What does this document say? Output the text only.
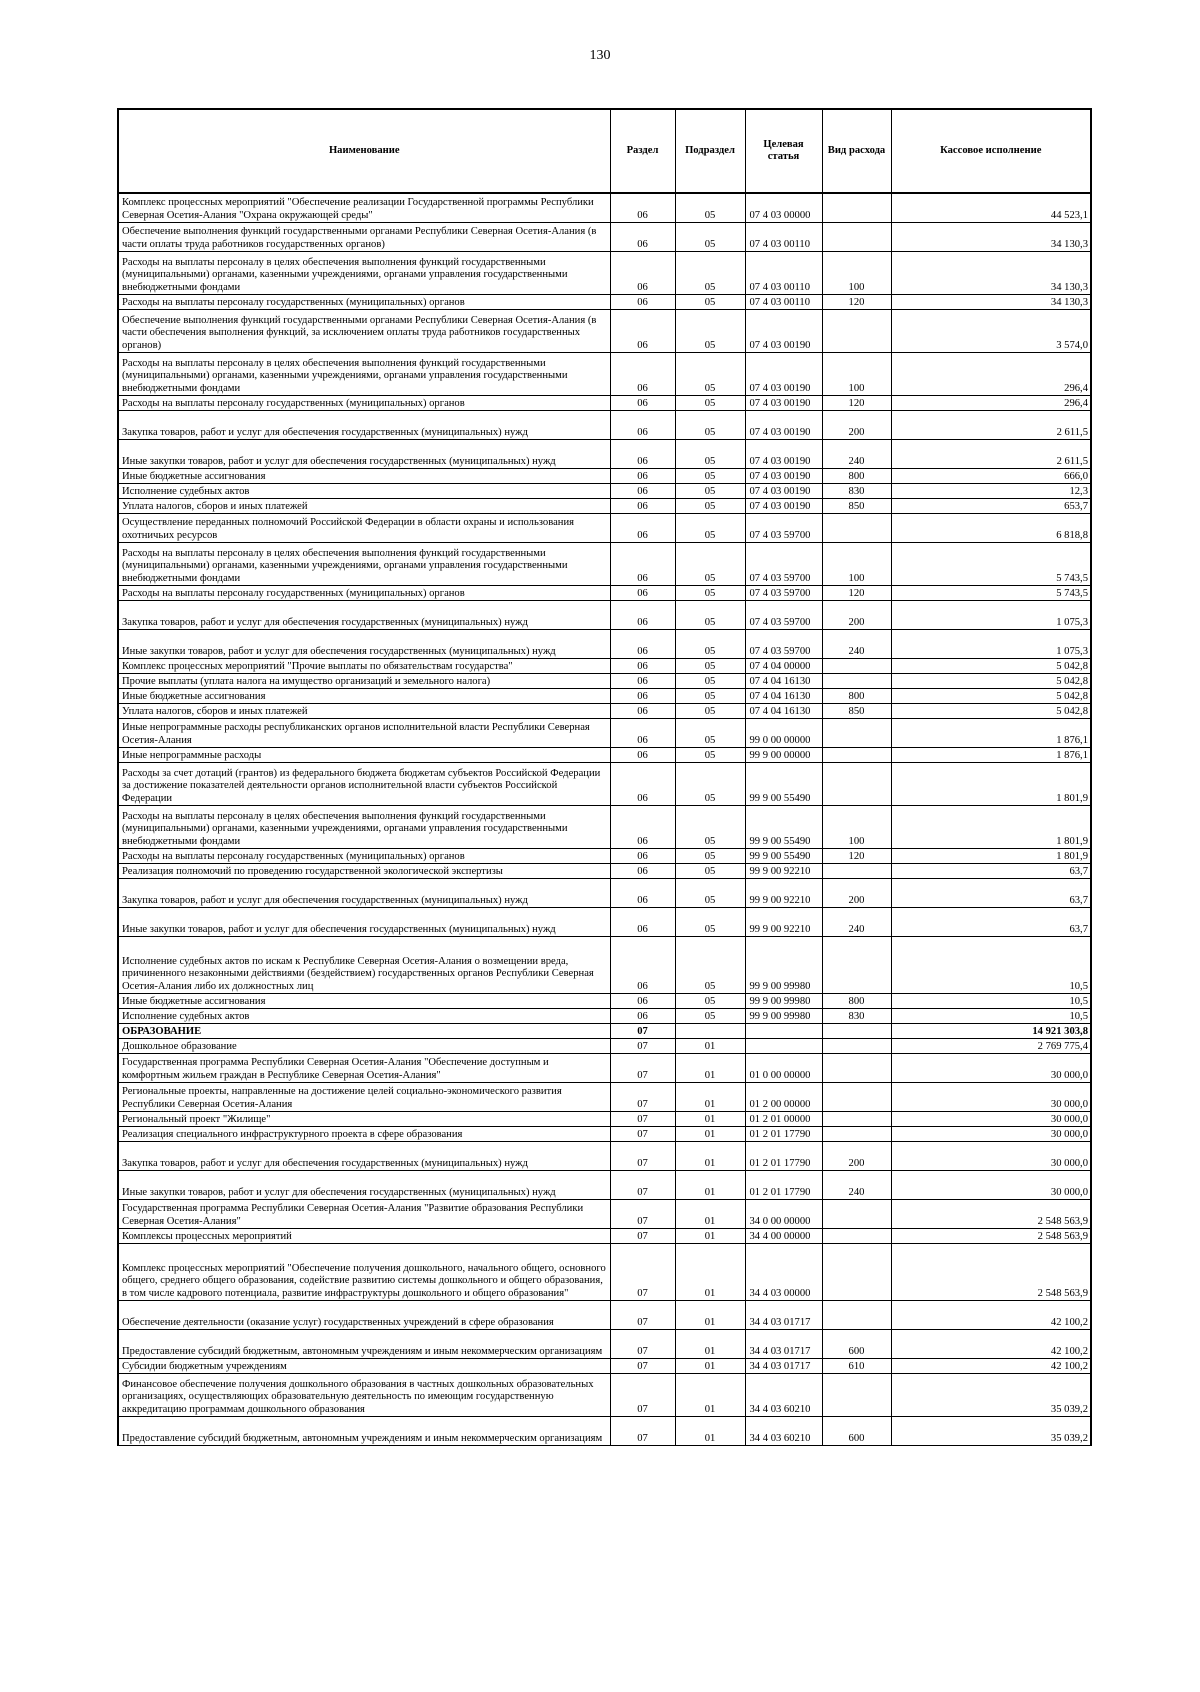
130
Наименование	Раздел	Подраздел	Целевая статья	Вид расхода	Кассовое исполнение
Комплекс процессных мероприятий "Обеспечение реализации Государственной программы Республики Северная Осетия-Алания "Охрана окружающей среды"	06	05	07 4 03 00000		44 523,1
Обеспечение выполнения функций государственными органами Республики Северная Осетия-Алания (в части оплаты труда работников государственных органов)	06	05	07 4 03 00110		34 130,3
Расходы на выплаты персоналу в целях обеспечения выполнения функций государственными (муниципальными) органами, казенными учреждениями, органами управления государственными внебюджетными фондами	06	05	07 4 03 00110	100	34 130,3
Расходы на выплаты персоналу государственных (муниципальных) органов	06	05	07 4 03 00110	120	34 130,3
Обеспечение выполнения функций государственными органами Республики Северная Осетия-Алания (в части обеспечения выполнения функций, за исключением оплаты труда работников государственных органов)	06	05	07 4 03 00190		3 574,0
Расходы на выплаты персоналу в целях обеспечения выполнения функций государственными (муниципальными) органами, казенными учреждениями, органами управления государственными внебюджетными фондами	06	05	07 4 03 00190	100	296,4
Расходы на выплаты персоналу государственных (муниципальных) органов	06	05	07 4 03 00190	120	296,4
Закупка товаров, работ и услуг для обеспечения государственных (муниципальных) нужд	06	05	07 4 03 00190	200	2 611,5
Иные закупки товаров, работ и услуг для обеспечения государственных (муниципальных) нужд	06	05	07 4 03 00190	240	2 611,5
Иные бюджетные ассигнования	06	05	07 4 03 00190	800	666,0
Исполнение судебных актов	06	05	07 4 03 00190	830	12,3
Уплата налогов, сборов и иных платежей	06	05	07 4 03 00190	850	653,7
Осуществление переданных полномочий Российской Федерации в области охраны и использования охотничьих ресурсов	06	05	07 4 03 59700		6 818,8
Расходы на выплаты персоналу в целях обеспечения выполнения функций государственными (муниципальными) органами, казенными учреждениями, органами управления государственными внебюджетными фондами	06	05	07 4 03 59700	100	5 743,5
Расходы на выплаты персоналу государственных (муниципальных) органов	06	05	07 4 03 59700	120	5 743,5
Закупка товаров, работ и услуг для обеспечения государственных (муниципальных) нужд	06	05	07 4 03 59700	200	1 075,3
Иные закупки товаров, работ и услуг для обеспечения государственных (муниципальных) нужд	06	05	07 4 03 59700	240	1 075,3
Комплекс процессных мероприятий "Прочие выплаты по обязательствам государства"	06	05	07 4 04 00000		5 042,8
Прочие выплаты (уплата налога на имущество организаций и земельного налога)	06	05	07 4 04 16130		5 042,8
Иные бюджетные ассигнования	06	05	07 4 04 16130	800	5 042,8
Уплата налогов, сборов и иных платежей	06	05	07 4 04 16130	850	5 042,8
Иные непрограммные расходы республиканских органов исполнительной власти Республики Северная Осетия-Алания	06	05	99 0 00 00000		1 876,1
Иные непрограммные расходы	06	05	99 9 00 00000		1 876,1
Расходы за счет дотаций (грантов) из федерального бюджета бюджетам субъектов Российской Федерации за достижение показателей деятельности органов исполнительной власти субъектов Российской Федерации	06	05	99 9 00 55490		1 801,9
Расходы на выплаты персоналу в целях обеспечения выполнения функций государственными (муниципальными) органами, казенными учреждениями, органами управления государственными внебюджетными фондами	06	05	99 9 00 55490	100	1 801,9
Расходы на выплаты персоналу государственных (муниципальных) органов	06	05	99 9 00 55490	120	1 801,9
Реализация полномочий по проведению государственной экологической экспертизы	06	05	99 9 00 92210		63,7
Закупка товаров, работ и услуг для обеспечения государственных (муниципальных) нужд	06	05	99 9 00 92210	200	63,7
Иные закупки товаров, работ и услуг для обеспечения государственных (муниципальных) нужд	06	05	99 9 00 92210	240	63,7
Исполнение судебных актов по искам к Республике Северная Осетия-Алания о возмещении вреда, причиненного незаконными действиями (бездействием) государственных органов Республики Северная Осетия-Алания либо их должностных лиц	06	05	99 9 00 99980		10,5
Иные бюджетные ассигнования	06	05	99 9 00 99980	800	10,5
Исполнение судебных актов	06	05	99 9 00 99980	830	10,5
ОБРАЗОВАНИЕ	07				14 921 303,8
Дошкольное образование	07	01			2 769 775,4
Государственная программа Республики Северная Осетия-Алания "Обеспечение доступным и комфортным жильем граждан в Республике Северная Осетия-Алания"	07	01	01 0 00 00000		30 000,0
Региональные проекты, направленные на достижение целей социально-экономического развития Республики Северная Осетия-Алания	07	01	01 2 00 00000		30 000,0
Региональный проект "Жилище"	07	01	01 2 01 00000		30 000,0
Реализация специального инфраструктурного проекта в сфере образования	07	01	01 2 01 17790		30 000,0
Закупка товаров, работ и услуг для обеспечения государственных (муниципальных) нужд	07	01	01 2 01 17790	200	30 000,0
Иные закупки товаров, работ и услуг для обеспечения государственных (муниципальных) нужд	07	01	01 2 01 17790	240	30 000,0
Государственная программа Республики Северная Осетия-Алания "Развитие образования Республики Северная Осетия-Алания"	07	01	34 0 00 00000		2 548 563,9
Комплексы процессных мероприятий	07	01	34 4 00 00000		2 548 563,9
Комплекс процессных мероприятий "Обеспечение получения дошкольного, начального общего, основного общего, среднего общего образования, содействие развитию системы дошкольного и общего образования, в том числе кадрового потенциала, развитие инфраструктуры дошкольного и общего образования"	07	01	34 4 03 00000		2 548 563,9
Обеспечение деятельности (оказание услуг) государственных учреждений в сфере образования	07	01	34 4 03 01717		42 100,2
Предоставление субсидий бюджетным, автономным учреждениям и иным некоммерческим организациям	07	01	34 4 03 01717	600	42 100,2
Субсидии бюджетным учреждениям	07	01	34 4 03 01717	610	42 100,2
Финансовое обеспечение получения дошкольного образования в частных дошкольных образовательных организациях, осуществляющих образовательную деятельность по имеющим государственную аккредитацию программам дошкольного образования	07	01	34 4 03 60210		35 039,2
Предоставление субсидий бюджетным, автономным учреждениям и иным некоммерческим организациям	07	01	34 4 03 60210	600	35 039,2
